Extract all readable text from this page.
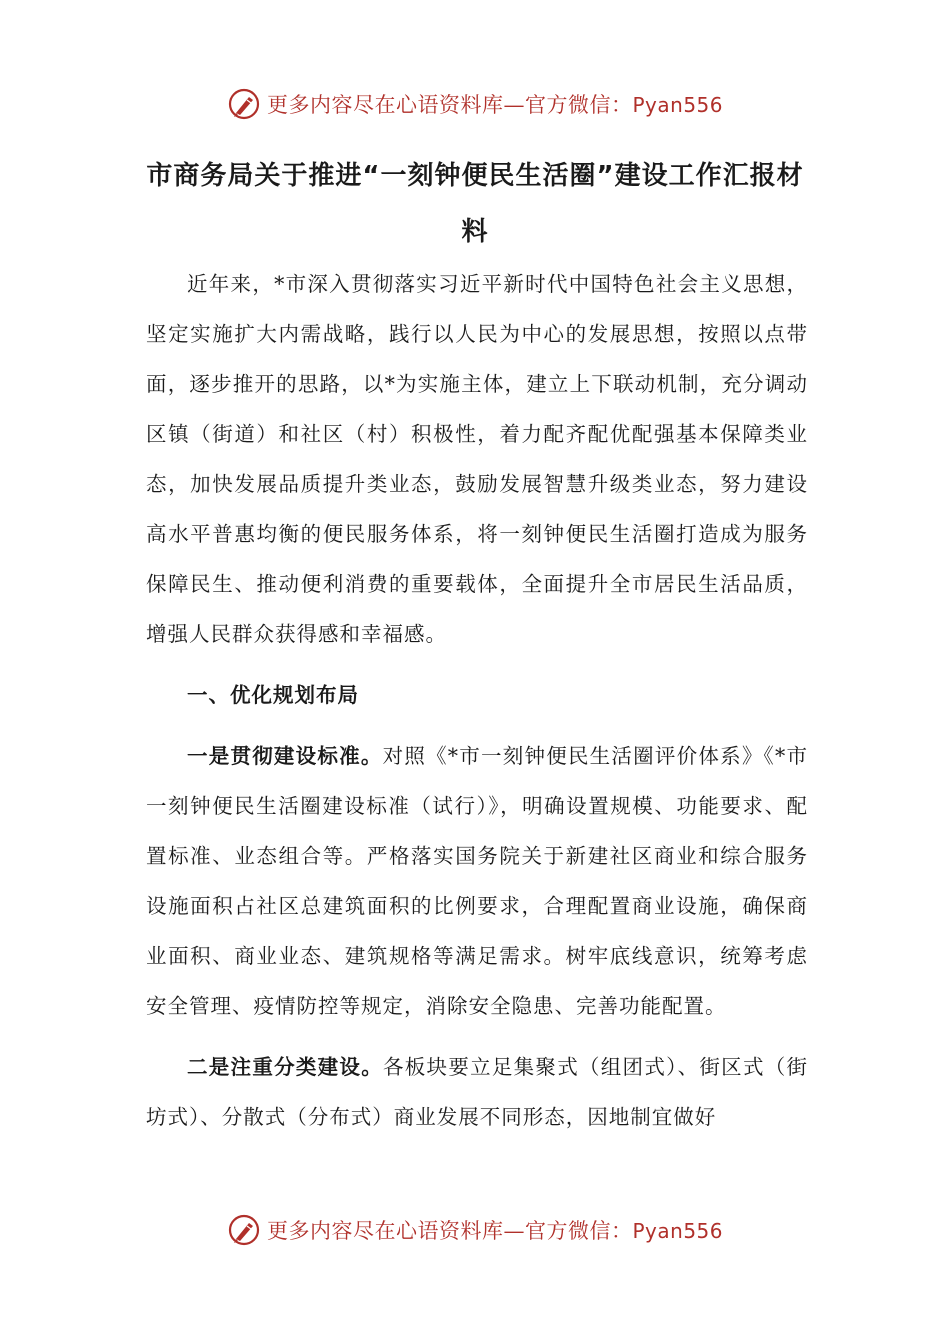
更多内容尽在心语资料库—官方微信：Pyan556
市商务局关于推进“一刻钟便民生活圈”建设工作汇报材料

近年来，*市深入贯彻落实习近平新时代中国特色社会主义思想，坚定实施扩大内需战略，践行以人民为中心的发展思想，按照以点带面，逐步推开的思路，以*为实施主体，建立上下联动机制，充分调动区镇（街道）和社区（村）积极性，着力配齐配优配强基本保障类业态，加快发展品质提升类业态，鼓励发展智慧升级类业态，努力建设高水平普惠均衡的便民服务体系，将一刻钟便民生活圈打造成为服务保障民生、推动便利消费的重要载体，全面提升全市居民生活品质，增强人民群众获得感和幸福感。

一、优化规划布局

一是贯彻建设标准。对照《*市一刻钟便民生活圈评价体系》《*市一刻钟便民生活圈建设标准（试行）》，明确设置规模、功能要求、配置标准、业态组合等。严格落实国务院关于新建社区商业和综合服务设施面积占社区总建筑面积的比例要求，合理配置商业设施，确保商业面积、商业业态、建筑规格等满足需求。树牢底线意识，统筹考虑安全管理、疫情防控等规定，消除安全隐患、完善功能配置。

二是注重分类建设。各板块要立足集聚式（组团式）、街区式（街坊式）、分散式（分布式）商业发展不同形态，因地制宜做好

更多内容尽在心语资料库—官方微信：Pyan556
